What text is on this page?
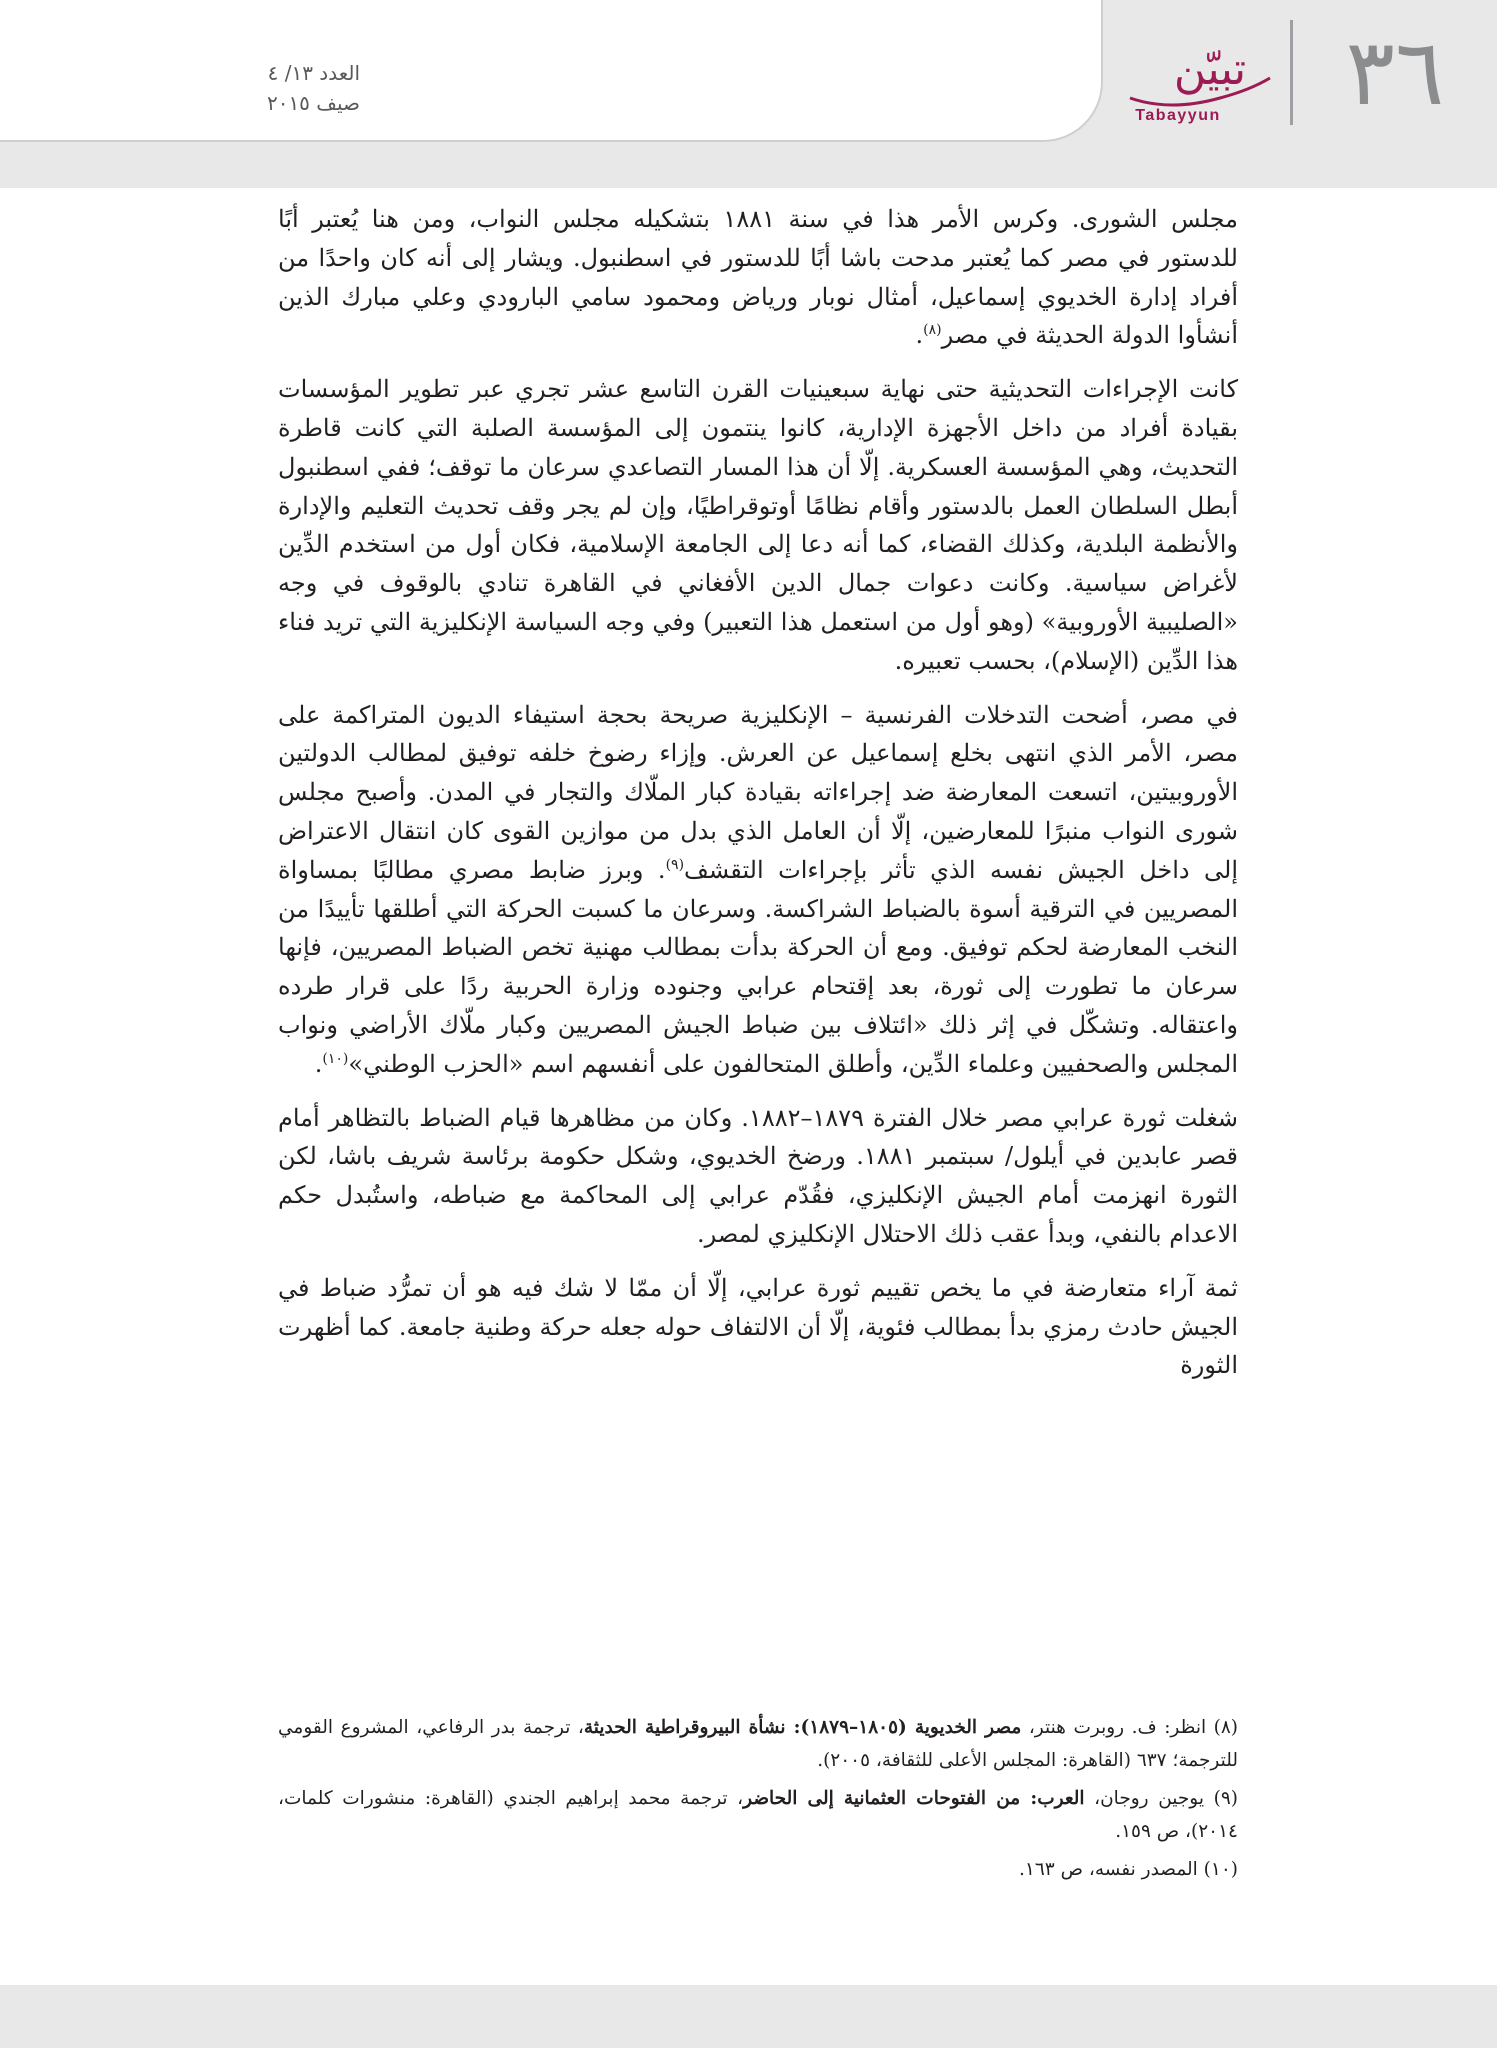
العدد ١٣/ ٤
صيف ٢٠١٥
تبيّن
Tabayyun	٣٦

مجلس الشورى. وكرس الأمر هذا في سنة ١٨٨١ بتشكيله مجلس النواب، ومن هنا يُعتبر أبًا للدستور في مصر كما يُعتبر مدحت باشا أبًا للدستور في اسطنبول. ويشار إلى أنه كان واحدًا من أفراد إدارة الخديوي إسماعيل، أمثال نوبار ورياض ومحمود سامي البارودي وعلي مبارك الذين أنشأوا الدولة الحديثة في مصر$^{(٨)}$.

كانت الإجراءات التحديثية حتى نهاية سبعينيات القرن التاسع عشر تجري عبر تطوير المؤسسات بقيادة أفراد من داخل الأجهزة الإدارية، كانوا ينتمون إلى المؤسسة الصلبة التي كانت قاطرة التحديث، وهي المؤسسة العسكرية. إلّا أن هذا المسار التصاعدي سرعان ما توقف؛ ففي اسطنبول أبطل السلطان العمل بالدستور وأقام نظامًا أوتوقراطيًا، وإن لم يجر وقف تحديث التعليم والإدارة والأنظمة البلدية، وكذلك القضاء، كما أنه دعا إلى الجامعة الإسلامية، فكان أول من استخدم الدِّين لأغراض سياسية. وكانت دعوات جمال الدين الأفغاني في القاهرة تنادي بالوقوف في وجه «الصليبية الأوروبية» (وهو أول من استعمل هذا التعبير) وفي وجه السياسة الإنكليزية التي تريد فناء هذا الدِّين (الإسلام)، بحسب تعبيره.

في مصر، أضحت التدخلات الفرنسية – الإنكليزية صريحة بحجة استيفاء الديون المتراكمة على مصر، الأمر الذي انتهى بخلع إسماعيل عن العرش. وإزاء رضوخ خلفه توفيق لمطالب الدولتين الأوروبيتين، اتسعت المعارضة ضد إجراءاته بقيادة كبار الملّاك والتجار في المدن. وأصبح مجلس شورى النواب منبرًا للمعارضين، إلّا أن العامل الذي بدل من موازين القوى كان انتقال الاعتراض إلى داخل الجيش نفسه الذي تأثر بإجراءات التقشف$^{(٩)}$. وبرز ضابط مصري مطالبًا بمساواة المصريين في الترقية أسوة بالضباط الشراكسة. وسرعان ما كسبت الحركة التي أطلقها تأييدًا من النخب المعارضة لحكم توفيق. ومع أن الحركة بدأت بمطالب مهنية تخص الضباط المصريين، فإنها سرعان ما تطورت إلى ثورة، بعد إقتحام عرابي وجنوده وزارة الحربية ردًا على قرار طرده واعتقاله. وتشكّل في إثر ذلك «ائتلاف بين ضباط الجيش المصريين وكبار ملّاك الأراضي ونواب المجلس والصحفيين وعلماء الدِّين، وأطلق المتحالفون على أنفسهم اسم «الحزب الوطني»$^{(١٠)}$.

شغلت ثورة عرابي مصر خلال الفترة ١٨٧٩–١٨٨٢. وكان من مظاهرها قيام الضباط بالتظاهر أمام قصر عابدين في أيلول/ سبتمبر ١٨٨١. ورضخ الخديوي، وشكل حكومة برئاسة شريف باشا، لكن الثورة انهزمت أمام الجيش الإنكليزي، فقُدّم عرابي إلى المحاكمة مع ضباطه، واستُبدل حكم الاعدام بالنفي، وبدأ عقب ذلك الاحتلال الإنكليزي لمصر.

ثمة آراء متعارضة في ما يخص تقييم ثورة عرابي، إلّا أن ممّا لا شك فيه هو أن تمرُّد ضباط في الجيش حادث رمزي بدأ بمطالب فئوية، إلّا أن الالتفاف حوله جعله حركة وطنية جامعة. كما أظهرت الثورة

(٨) انظر: ف. روبرت هنتر، مصر الخديوية (١٨٠٥–١٨٧٩): نشأة البيروقراطية الحديثة، ترجمة بدر الرفاعي، المشروع القومي للترجمة؛ ٦٣٧ (القاهرة: المجلس الأعلى للثقافة، ٢٠٠٥).

(٩) يوجين روجان، العرب: من الفتوحات العثمانية إلى الحاضر، ترجمة محمد إبراهيم الجندي (القاهرة: منشورات كلمات، ٢٠١٤)، ص ١٥٩.

(١٠) المصدر نفسه، ص ١٦٣.
